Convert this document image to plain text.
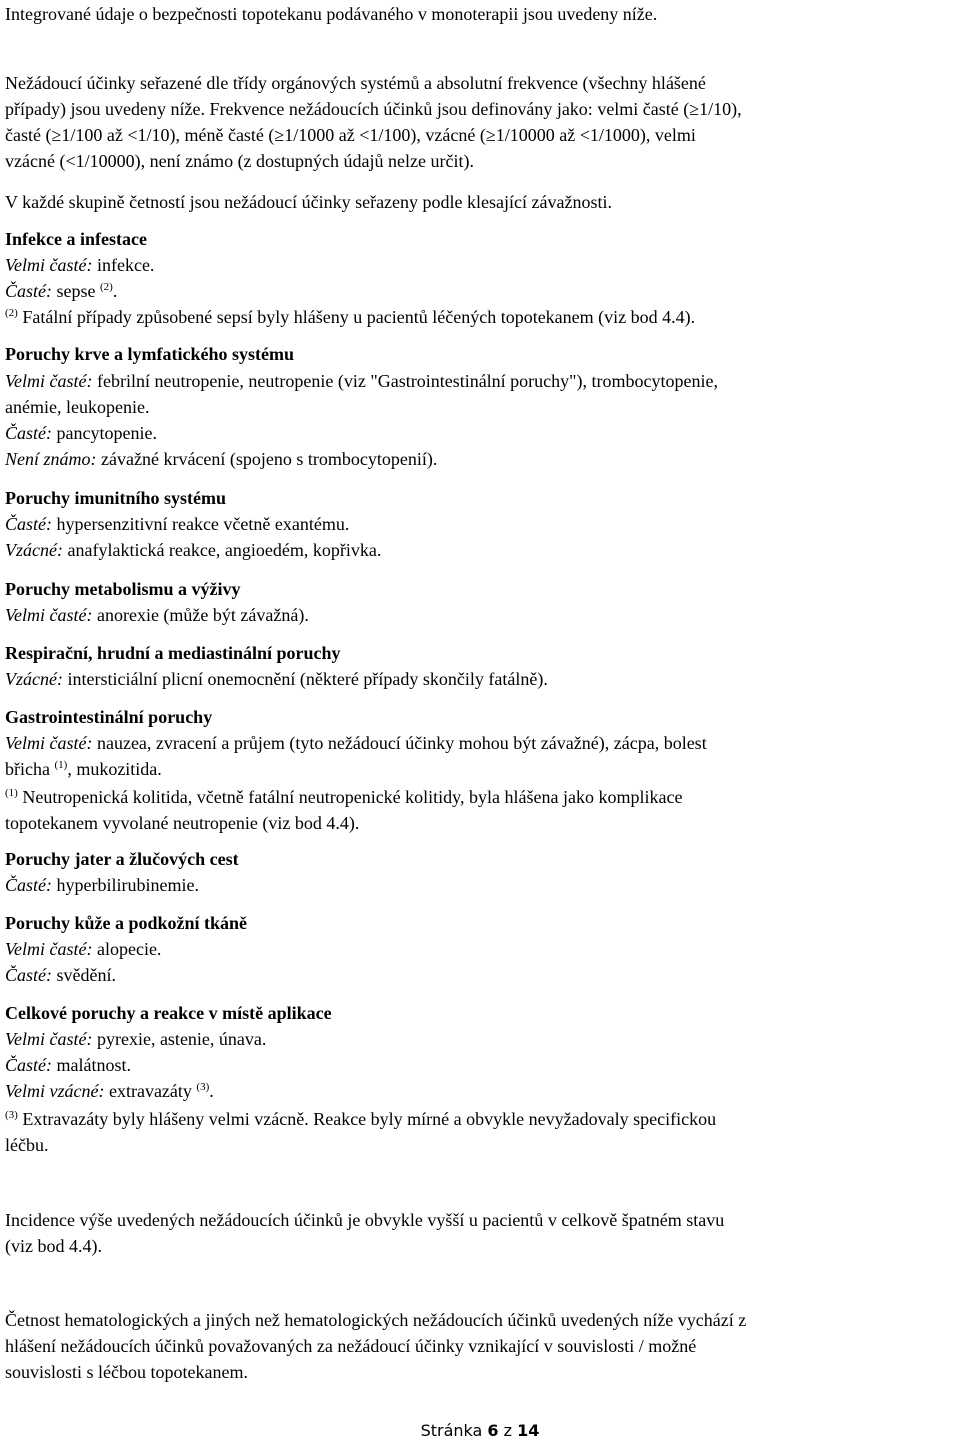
Integrované údaje o bezpečnosti topotekanu podávaného v monoterapii jsou uvedeny níže.
Nežádoucí účinky seřazené dle třídy orgánových systémů a absolutní frekvence (všechny hlášené
případy) jsou uvedeny níže. Frekvence nežádoucích účinků jsou definovány jako: velmi časté (≥1/10),
časté (≥1/100 až <1/10), méně časté (≥1/1000 až <1/100), vzácné (≥1/10000 až <1/1000), velmi
vzácné (<1/10000), není známo (z dostupných údajů nelze určit).
V každé skupině četností jsou nežádoucí účinky seřazeny podle klesající závažnosti.
Infekce a infestace
Velmi časté: infekce.
Časté: sepse $^{(2)}$.
$^{(2)}$ Fatální případy způsobené sepsí byly hlášeny u pacientů léčených topotekanem (viz bod 4.4).
Poruchy krve a lymfatického systému
Velmi časté: febrilní neutropenie, neutropenie (viz "Gastrointestinální poruchy"), trombocytopenie,
anémie, leukopenie.
Časté: pancytopenie.
Není známo: závažné krvácení (spojeno s trombocytopenií).
Poruchy imunitního systému
Časté: hypersenzitivní reakce včetně exantému.
Vzácné: anafylaktická reakce, angioedém, kopřivka.
Poruchy metabolismu a výživy
Velmi časté: anorexie (může být závažná).
Respirační, hrudní a mediastinální poruchy
Vzácné: intersticiální plicní onemocnění (některé případy skončily fatálně).
Gastrointestinální poruchy
Velmi časté: nauzea, zvracení a průjem (tyto nežádoucí účinky mohou být závažné), zácpa, bolest
břicha $^{(1)}$, mukozitida.
$^{(1)}$ Neutropenická kolitida, včetně fatální neutropenické kolitidy, byla hlášena jako komplikace
topotekanem vyvolané neutropenie (viz bod 4.4).
Poruchy jater a žlučových cest
Časté: hyperbilirubinemie.
Poruchy kůže a podkožní tkáně
Velmi časté: alopecie.
Časté: svědění.
Celkové poruchy a reakce v místě aplikace
Velmi časté: pyrexie, astenie, únava.
Časté: malátnost.
Velmi vzácné: extravazáty $^{(3)}$.
$^{(3)}$ Extravazáty byly hlášeny velmi vzácně. Reakce byly mírné a obvykle nevyžadovaly specifickou
léčbu.
Incidence výše uvedených nežádoucích účinků je obvykle vyšší u pacientů v celkově špatném stavu
(viz bod 4.4).
Četnost hematologických a jiných než hematologických nežádoucích účinků uvedených níže vychází z
hlášení nežádoucích účinků považovaných za nežádoucí účinky vznikající v souvislosti / možné
souvislosti s léčbou topotekanem.
Stránka 6 z 14
